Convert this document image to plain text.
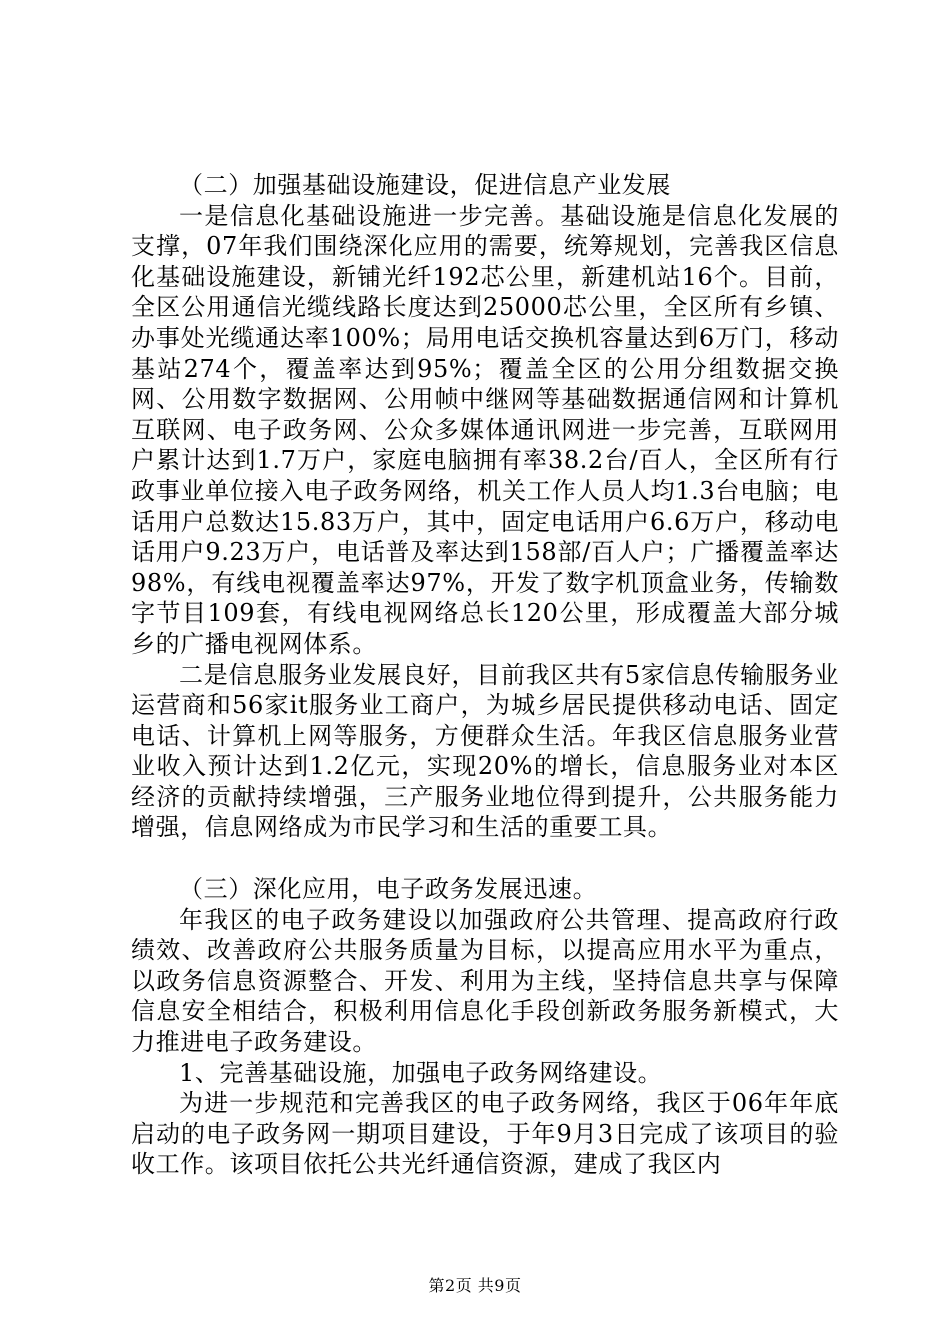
（二）加强基础设施建设，促进信息产业发展

一是信息化基础设施进一步完善。基础设施是信息化发展的支撑，07年我们围绕深化应用的需要，统筹规划，完善我区信息化基础设施建设，新铺光纤192芯公里，新建机站16个。目前，全区公用通信光缆线路长度达到25000芯公里，全区所有乡镇、办事处光缆通达率100%；局用电话交换机容量达到6万门，移动基站274个，覆盖率达到95%；覆盖全区的公用分组数据交换网、公用数字数据网、公用帧中继网等基础数据通信网和计算机互联网、电子政务网、公众多媒体通讯网进一步完善，互联网用户累计达到1.7万户，家庭电脑拥有率38.2台/百人，全区所有行政事业单位接入电子政务网络，机关工作人员人均1.3台电脑；电话用户总数达15.83万户，其中，固定电话用户6.6万户，移动电话用户9.23万户，电话普及率达到158部/百人户；广播覆盖率达98%，有线电视覆盖率达97%，开发了数字机顶盒业务，传输数字节目109套，有线电视网络总长120公里，形成覆盖大部分城乡的广播电视网体系。

二是信息服务业发展良好，目前我区共有5家信息传输服务业运营商和56家it服务业工商户，为城乡居民提供移动电话、固定电话、计算机上网等服务，方便群众生活。年我区信息服务业营业收入预计达到1.2亿元，实现20%的增长，信息服务业对本区经济的贡献持续增强，三产服务业地位得到提升，公共服务能力增强，信息网络成为市民学习和生活的重要工具。

（三）深化应用，电子政务发展迅速。

年我区的电子政务建设以加强政府公共管理、提高政府行政绩效、改善政府公共服务质量为目标，以提高应用水平为重点，以政务信息资源整合、开发、利用为主线，坚持信息共享与保障信息安全相结合，积极利用信息化手段创新政务服务新模式，大力推进电子政务建设。

1、完善基础设施，加强电子政务网络建设。

为进一步规范和完善我区的电子政务网络，我区于06年年底启动的电子政务网一期项目建设，于年9月3日完成了该项目的验收工作。该项目依托公共光纤通信资源，建成了我区内

第2页 共9页
